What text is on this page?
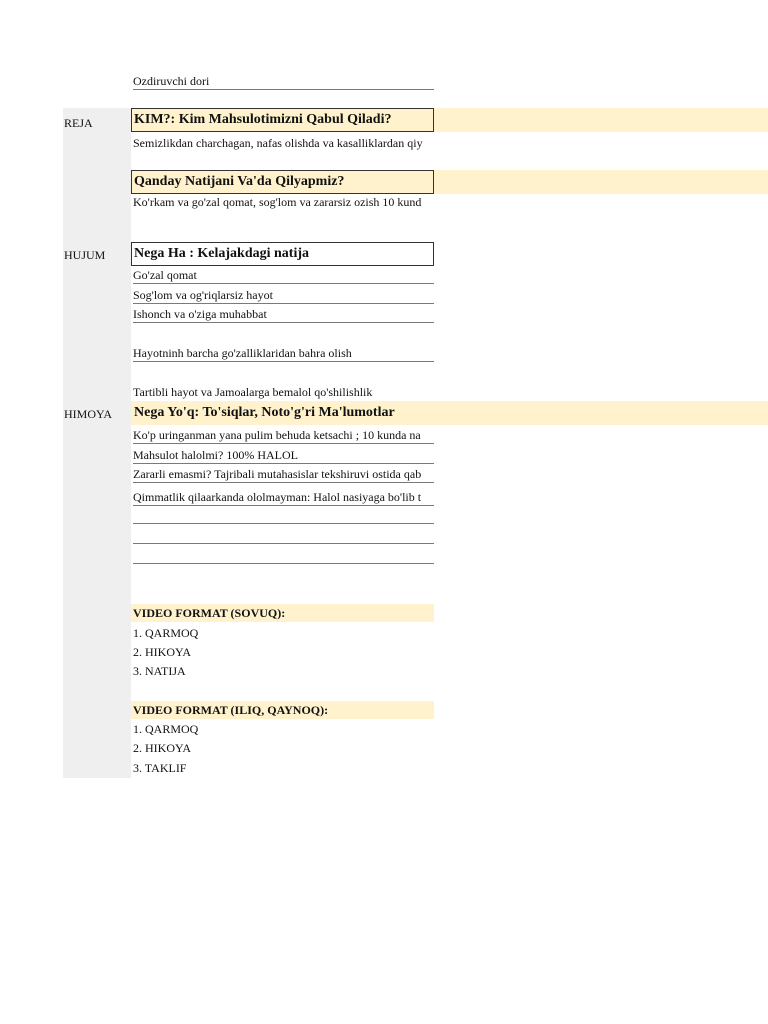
Ozdiruvchi dori
REJA
HUJUM
HIMOYA
KIM?: Kim Mahsulotimizni Qabul Qiladi?
Semizlikdan charchagan, nafas olishda va kasalliklardan qiy
Qanday Natijani Va'da Qilyapmiz?
Ko'rkam va go'zal qomat, sog'lom va zararsiz ozish 10 kund
Nega Ha : Kelajakdagi natija
Go'zal qomat
Sog'lom va og'riqlarsiz hayot
Ishonch va o'ziga muhabbat
Hayotninh barcha go'zalliklaridan bahra olish
Tartibli hayot va Jamoalarga bemalol qo'shilishlik
Nega Yo'q: To'siqlar, Noto'g'ri Ma'lumotlar
Ko'p uringanman yana pulim behuda ketsachi ; 10 kunda na
Mahsulot halolmi? 100% HALOL
Zararli emasmi? Tajribali mutahasislar tekshiruvi ostida qab
Qimmatlik qilaarkanda ololmayman: Halol nasiyaga bo'lib t
VIDEO FORMAT (SOVUQ):
1. QARMOQ
2. HIKOYA
3. NATIJA
VIDEO FORMAT (ILIQ, QAYNOQ):
1. QARMOQ
2. HIKOYA
3. TAKLIF
